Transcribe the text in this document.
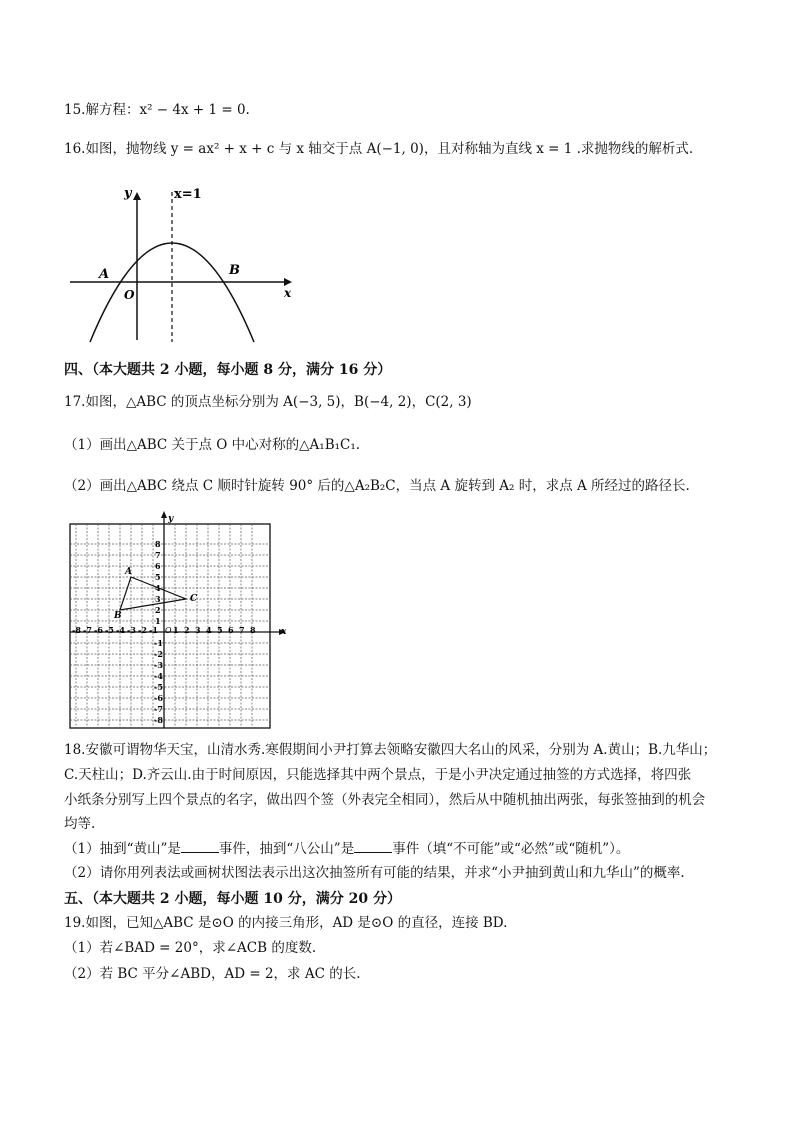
15.解方程：x² − 4x + 1 = 0.
16.如图，抛物线 y = ax² + x + c 与 x 轴交于点 A(−1, 0)，且对称轴为直线 x = 1 .求抛物线的解析式.
y	x=1
A	B
O	x
四、（本大题共 2 小题，每小题 8 分，满分 16 分）
17.如图，△ABC 的顶点坐标分别为 A(−3, 5)，B(−4, 2)，C(2, 3)
（1）画出△ABC 关于点 O 中心对称的△A₁B₁C₁.
（2）画出△ABC 绕点 C 顺时针旋转 90° 后的△A₂B₂C，当点 A 旋转到 A₂ 时，求点 A 所经过的路径长.
x
y
O
-8 -7 -6 -5 -4 -3 -2 -1 1 2 3 4 5 6 7 8
1
2
3
4
5
6
7
8
-1
-2
-3
-4
-5
-6
-7
-8
A
B
C
18.安徽可谓物华天宝，山清水秀.寒假期间小尹打算去领略安徽四大名山的风采，分别为 A.黄山；B.九华山；
C.天柱山；D.齐云山.由于时间原因，只能选择其中两个景点，于是小尹决定通过抽签的方式选择，将四张
小纸条分别写上四个景点的名字，做出四个签（外表完全相同），然后从中随机抽出两张，每张签抽到的机会
均等.
（1）抽到“黄山”是	事件，抽到“八公山”是	事件（填“不可能”或“必然”或“随机”）。
（2）请你用列表法或画树状图法表示出这次抽签所有可能的结果，并求“小尹抽到黄山和九华山”的概率.
五、（本大题共 2 小题，每小题 10 分，满分 20 分）
19.如图，已知△ABC 是⊙O 的内接三角形，AD 是⊙O 的直径，连接 BD.
（1）若∠BAD = 20°，求∠ACB 的度数.
（2）若 BC 平分∠ABD，AD = 2，求 AC 的长.
